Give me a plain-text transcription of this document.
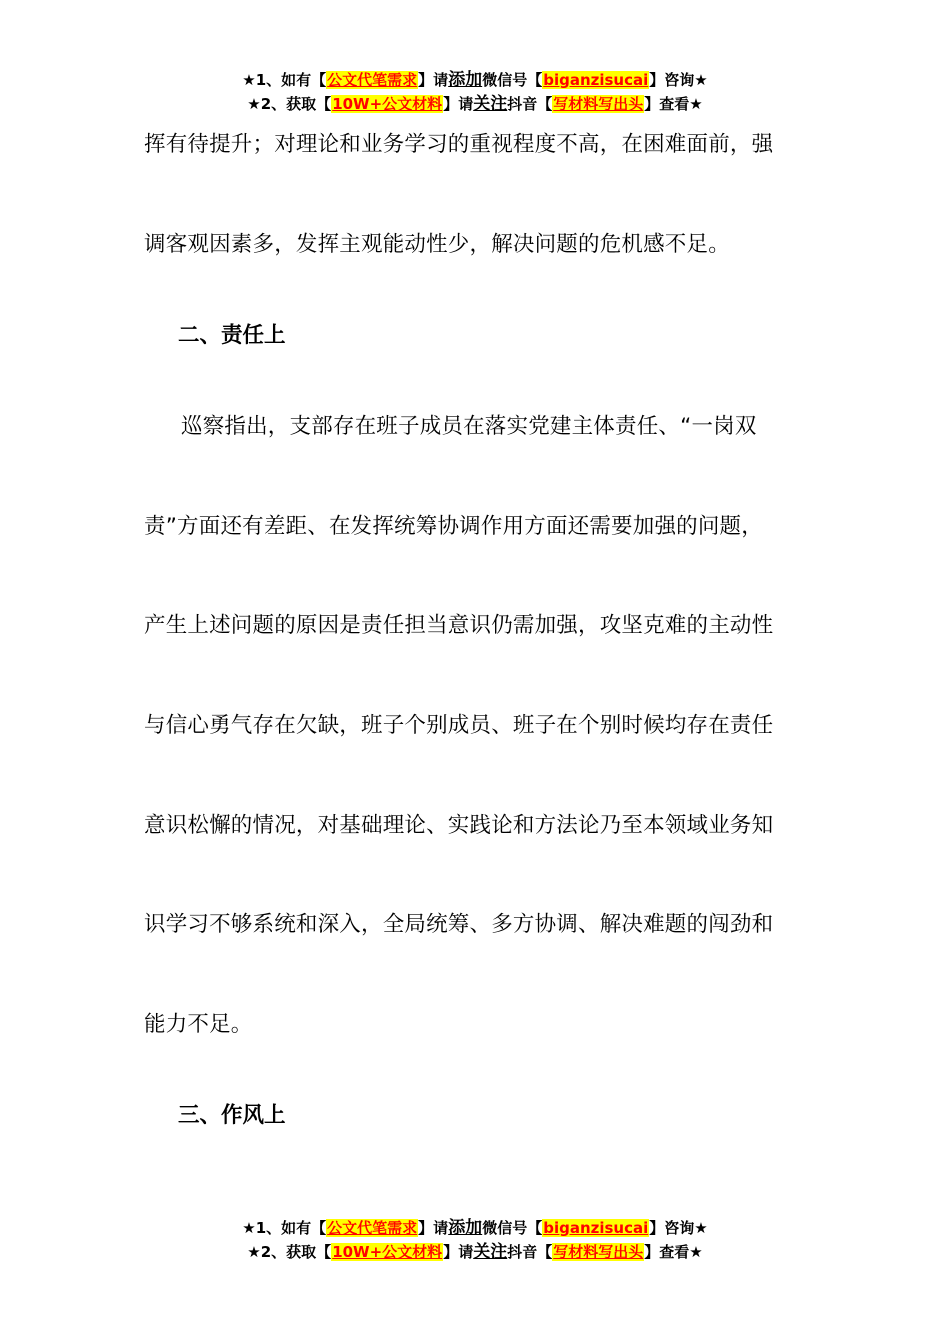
★1、如有【公文代笔需求】请添加微信号【biganzisucai】咨询★
★2、获取【10W+公文材料】请关注抖音【写材料写出头】查看★
挥有待提升；对理论和业务学习的重视程度不高，在困难面前，强
调客观因素多，发挥主观能动性少，解决问题的危机感不足。
二、责任上
巡察指出，支部存在班子成员在落实党建主体责任、“一岗双
责”方面还有差距、在发挥统筹协调作用方面还需要加强的问题，
产生上述问题的原因是责任担当意识仍需加强，攻坚克难的主动性
与信心勇气存在欠缺，班子个别成员、班子在个别时候均存在责任
意识松懈的情况，对基础理论、实践论和方法论乃至本领域业务知
识学习不够系统和深入，全局统筹、多方协调、解决难题的闯劲和
能力不足。
三、作风上
★1、如有【公文代笔需求】请添加微信号【biganzisucai】咨询★
★2、获取【10W+公文材料】请关注抖音【写材料写出头】查看★
